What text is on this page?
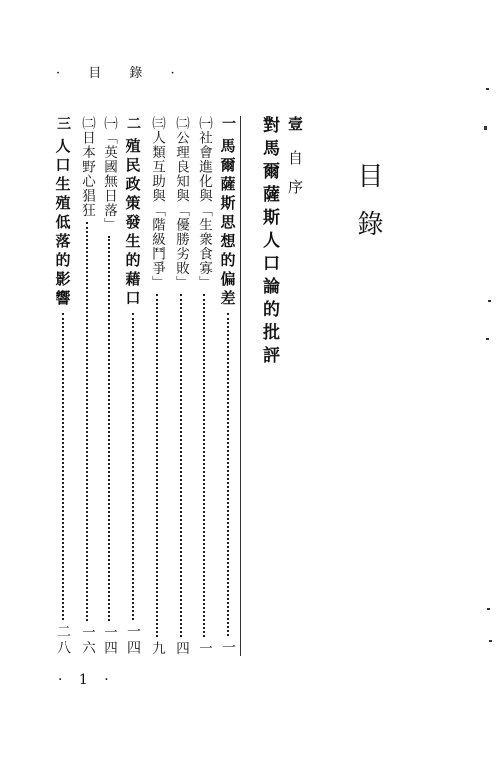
· 目 錄 ·
目錄
壹
自序
對馬爾薩斯人口論的批評
一
馬爾薩斯思想的偏差
一
㈠社會進化與「生衆食寡」
一
㈡公理良知與「優勝劣敗」
四
㈢人類互助與「階級鬥爭」
九
二
殖民政策發生的藉口
一四
㈠「英國無日落」
一四
㈡日本野心猖狂
一六
三
人口生殖低落的影響
二八
· 1 ·
